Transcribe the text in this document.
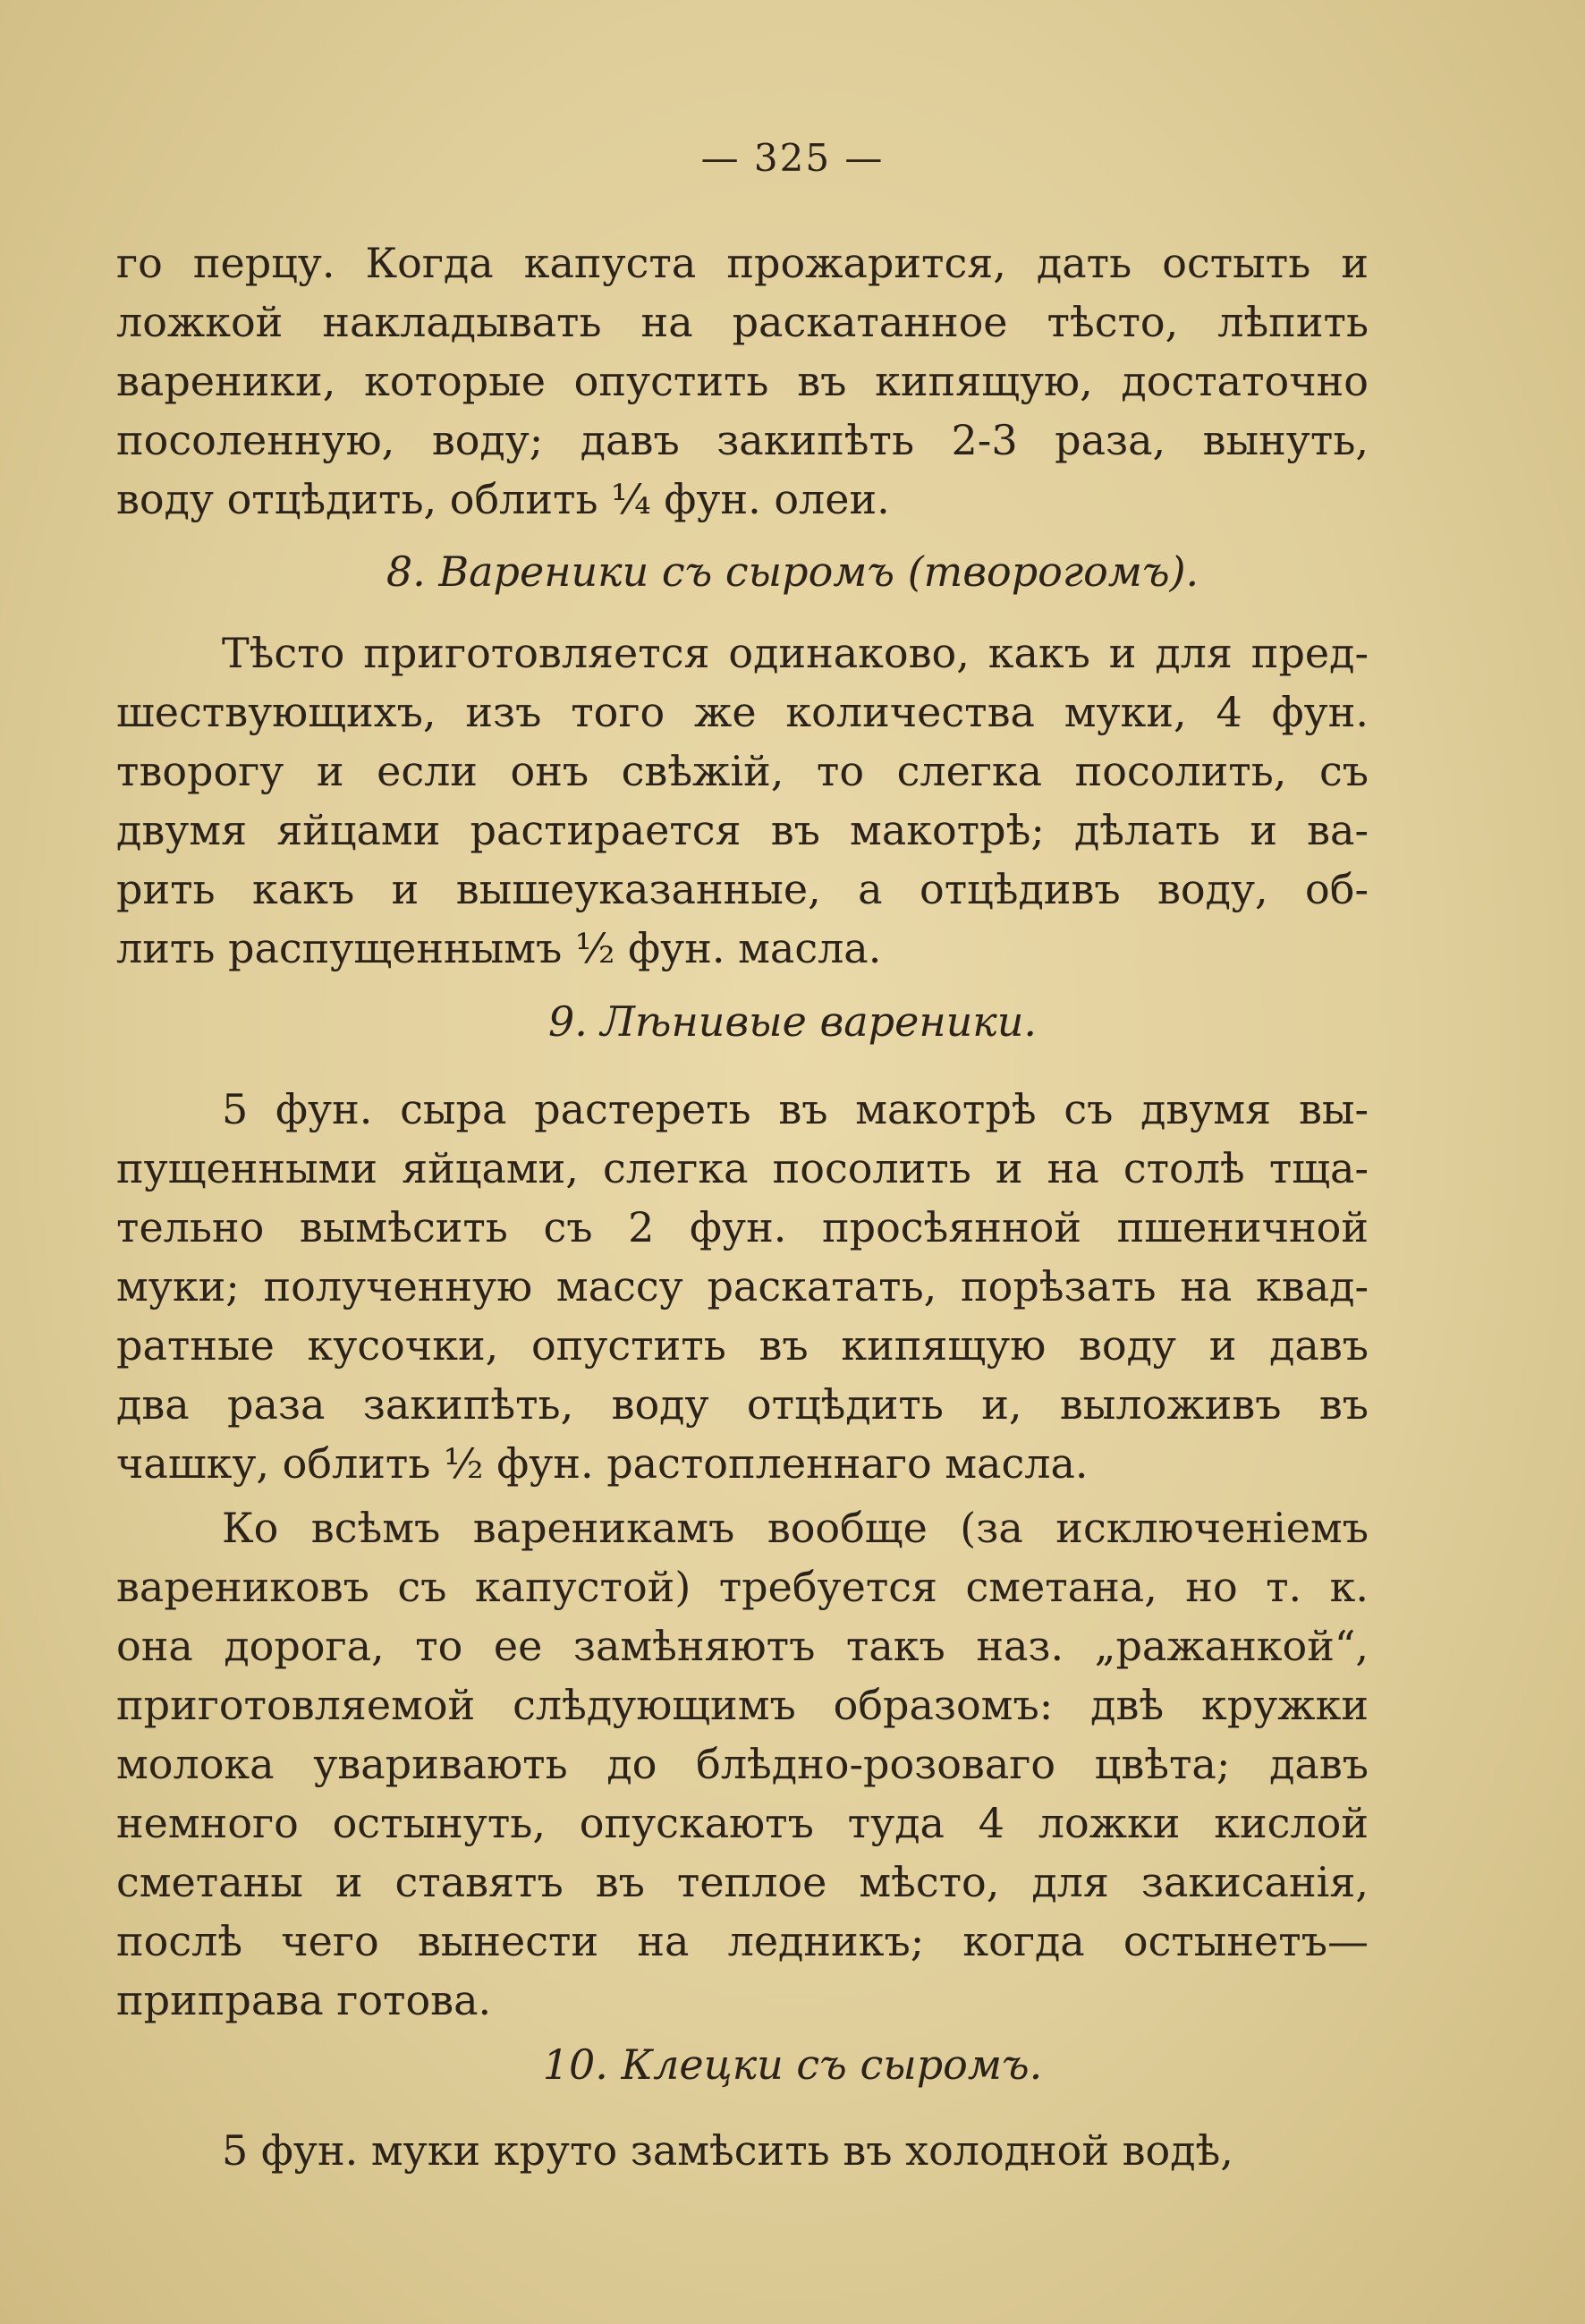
— 325 —
го перцу. Когда капуста прожарится, дать остыть и
ложкой накладывать на раскатанное тѣсто, лѣпить
вареники, которые опустить въ кипящую, достаточно
посоленную, воду; давъ закипѣть 2-3 раза, вынуть,
воду отцѣдить, облить ¼ фун. олеи.
8. Вареники съ сыромъ (творогомъ).
Тѣсто приготовляется одинаково, какъ и для пред-
шествующихъ, изъ того же количества муки, 4 фун.
творогу и если онъ свѣжій, то слегка посолить, съ
двумя яйцами растирается въ макотрѣ; дѣлать и ва-
рить какъ и вышеуказанные, а отцѣдивъ воду, об-
лить распущеннымъ ½ фун. масла.
9. Лѣнивые вареники.
5 фун. сыра растереть въ макотрѣ съ двумя вы-
пущенными яйцами, слегка посолить и на столѣ тща-
тельно вымѣсить съ 2 фун. просѣянной пшеничной
муки; полученную массу раскатать, порѣзать на квад-
ратные кусочки, опустить въ кипящую воду и давъ
два раза закипѣть, воду отцѣдить и, выложивъ въ
чашку, облить ½ фун. растопленнаго масла.
Ко всѣмъ вареникамъ вообще (за исключеніемъ
варениковъ съ капустой) требуется сметана, но т. к.
она дорога, то ее замѣняютъ такъ наз. „ражанкой“,
приготовляемой слѣдующимъ образомъ: двѣ кружки
молока уваривають до блѣдно-розоваго цвѣта; давъ
немного остынуть, опускаютъ туда 4 ложки кислой
сметаны и ставятъ въ теплое мѣсто, для закисанія,
послѣ чего вынести на ледникъ; когда остынетъ—
приправа готова.
10. Клецки съ сыромъ.
5 фун. муки круто замѣсить въ холодной водѣ,
